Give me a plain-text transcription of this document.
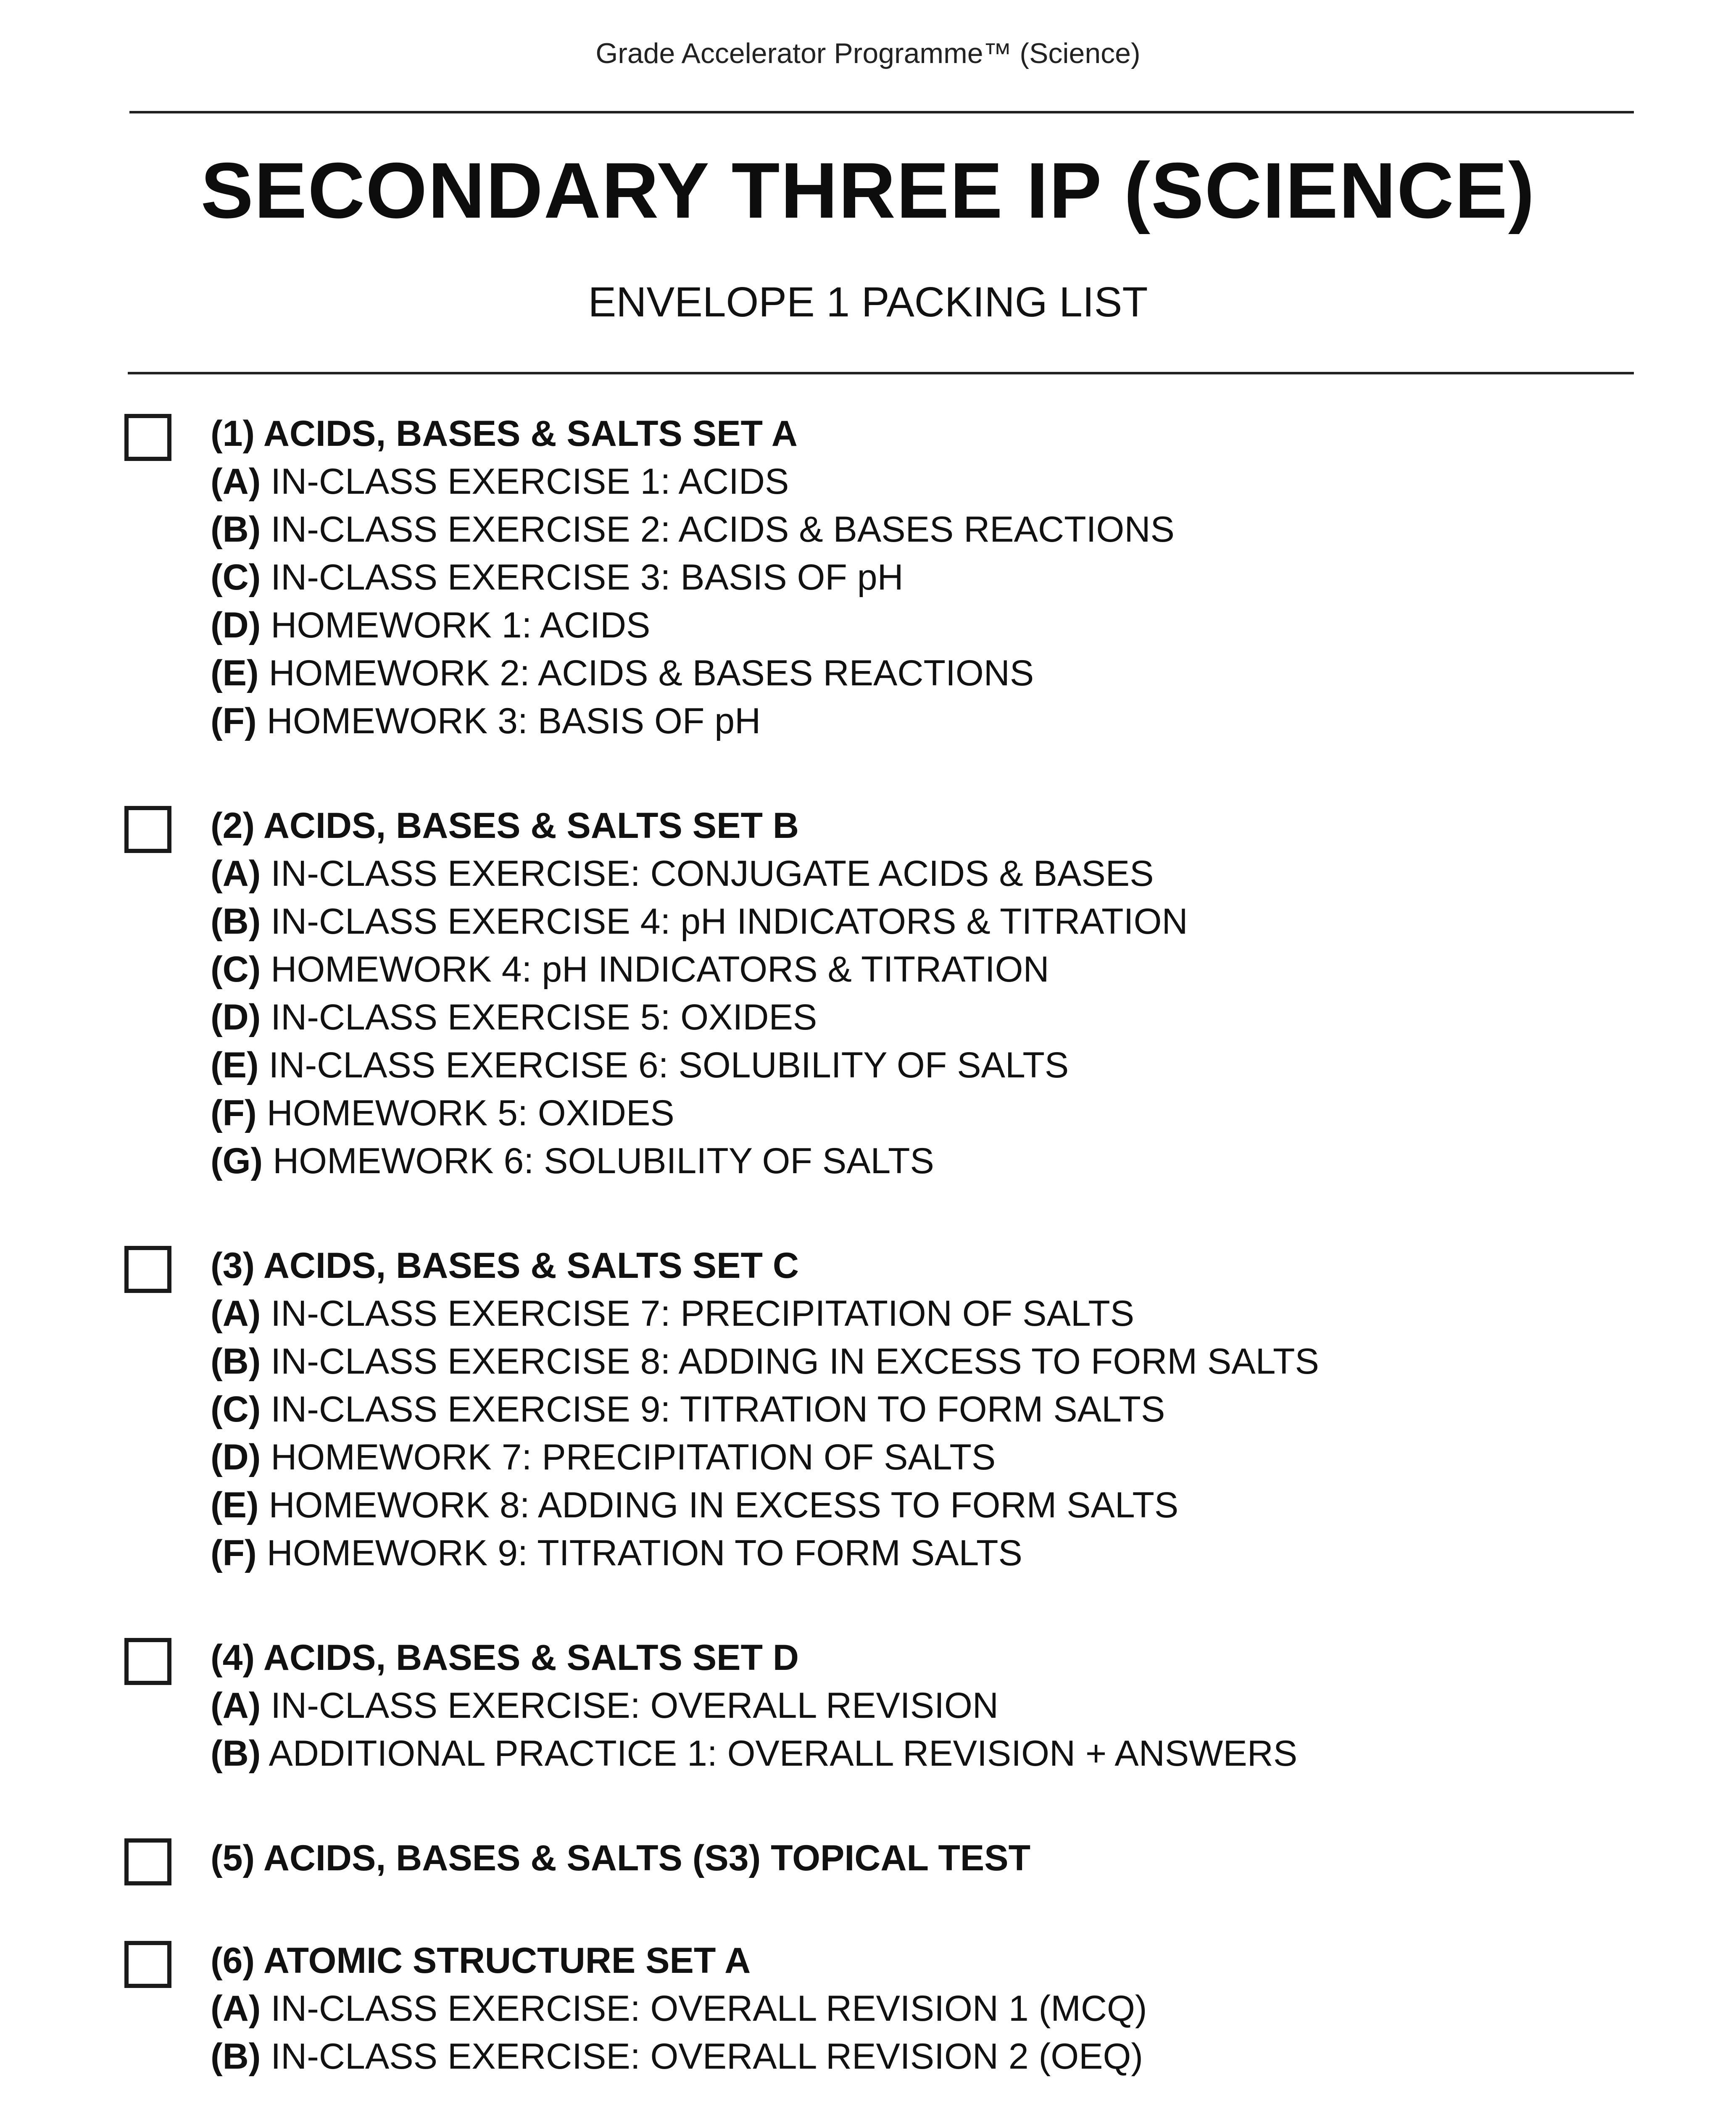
Grade Accelerator Programme™ (Science)
SECONDARY THREE IP (SCIENCE)
ENVELOPE 1 PACKING LIST
(1) ACIDS, BASES & SALTS SET A
(A) IN-CLASS EXERCISE 1: ACIDS
(B) IN-CLASS EXERCISE 2: ACIDS & BASES REACTIONS
(C) IN-CLASS EXERCISE 3: BASIS OF pH
(D) HOMEWORK 1: ACIDS
(E) HOMEWORK 2: ACIDS & BASES REACTIONS
(F) HOMEWORK 3: BASIS OF pH
(2) ACIDS, BASES & SALTS SET B
(A) IN-CLASS EXERCISE: CONJUGATE ACIDS & BASES
(B) IN-CLASS EXERCISE 4: pH INDICATORS & TITRATION
(C) HOMEWORK 4: pH INDICATORS & TITRATION
(D) IN-CLASS EXERCISE 5: OXIDES
(E) IN-CLASS EXERCISE 6: SOLUBILITY OF SALTS
(F) HOMEWORK 5: OXIDES
(G) HOMEWORK 6: SOLUBILITY OF SALTS
(3) ACIDS, BASES & SALTS SET C
(A) IN-CLASS EXERCISE 7: PRECIPITATION OF SALTS
(B) IN-CLASS EXERCISE 8: ADDING IN EXCESS TO FORM SALTS
(C) IN-CLASS EXERCISE 9: TITRATION TO FORM SALTS
(D) HOMEWORK 7: PRECIPITATION OF SALTS
(E) HOMEWORK 8: ADDING IN EXCESS TO FORM SALTS
(F) HOMEWORK 9: TITRATION TO FORM SALTS
(4) ACIDS, BASES & SALTS SET D
(A) IN-CLASS EXERCISE: OVERALL REVISION
(B) ADDITIONAL PRACTICE 1: OVERALL REVISION + ANSWERS
(5) ACIDS, BASES & SALTS (S3) TOPICAL TEST
(6) ATOMIC STRUCTURE SET A
(A) IN-CLASS EXERCISE: OVERALL REVISION 1 (MCQ)
(B) IN-CLASS EXERCISE: OVERALL REVISION 2 (OEQ)
